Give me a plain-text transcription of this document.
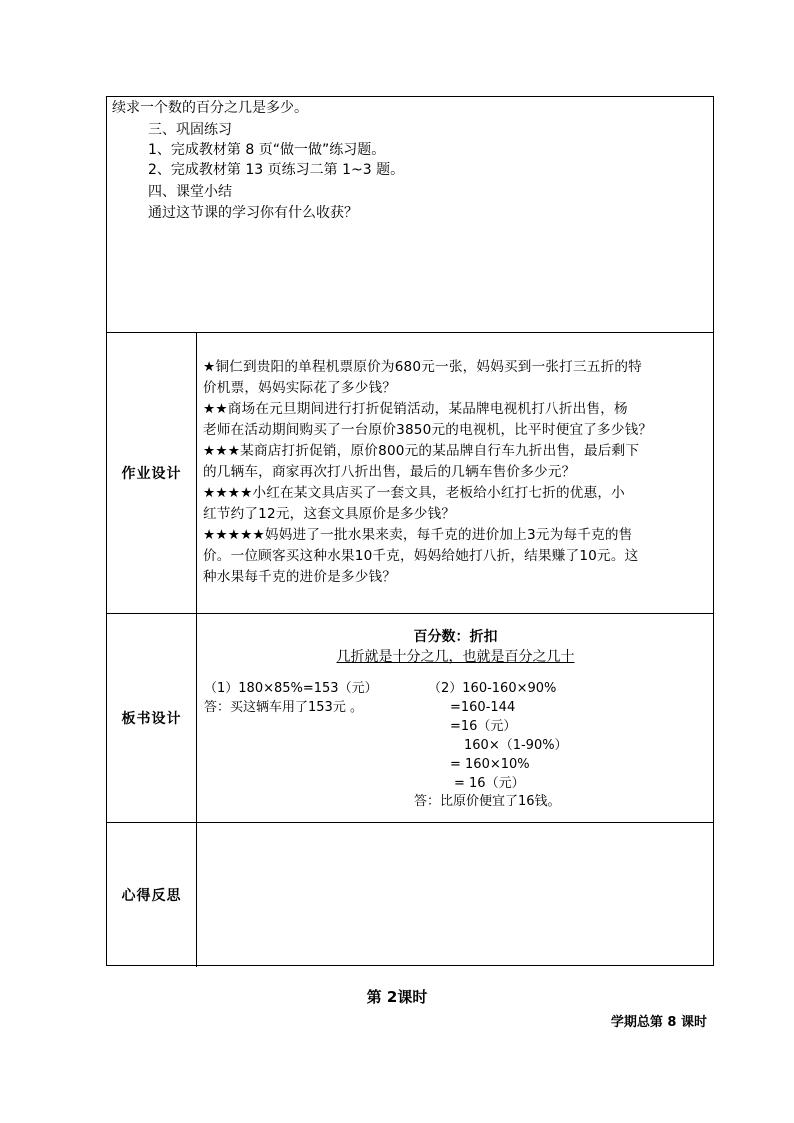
续求一个数的百分之几是多少。
三、巩固练习
1、完成教材第 8 页“做一做”练习题。
2、完成教材第 13 页练习二第 1~3 题。
四、课堂小结
通过这节课的学习你有什么收获？
作业设计
★铜仁到贵阳的单程机票原价为680元一张，妈妈买到一张打三五折的特
价机票，妈妈实际花了多少钱？
★★商场在元旦期间进行打折促销活动，某品牌电视机打八折出售，杨
老师在活动期间购买了一台原价3850元的电视机，比平时便宜了多少钱？
★★★某商店打折促销，原价800元的某品牌自行车九折出售，最后剩下
的几辆车，商家再次打八折出售，最后的几辆车售价多少元？
★★★★小红在某文具店买了一套文具，老板给小红打七折的优惠，小
红节约了12元，这套文具原价是多少钱？
★★★★★妈妈进了一批水果来卖，每千克的进价加上3元为每千克的售
价。一位顾客买这种水果10千克，妈妈给她打八折，结果赚了10元。这
种水果每千克的进价是多少钱？
板书设计
百分数：折扣
几折就是十分之几，也就是百分之几十
（1）180×85%=153（元）
答：买这辆车用了153元 。
（2）160-160×90%
=160-144
=16（元）
160×（1-90%）
= 160×10%
= 16（元）
答：比原价便宜了16钱。
心得反思
第 2课时
学期总第 8 课时
